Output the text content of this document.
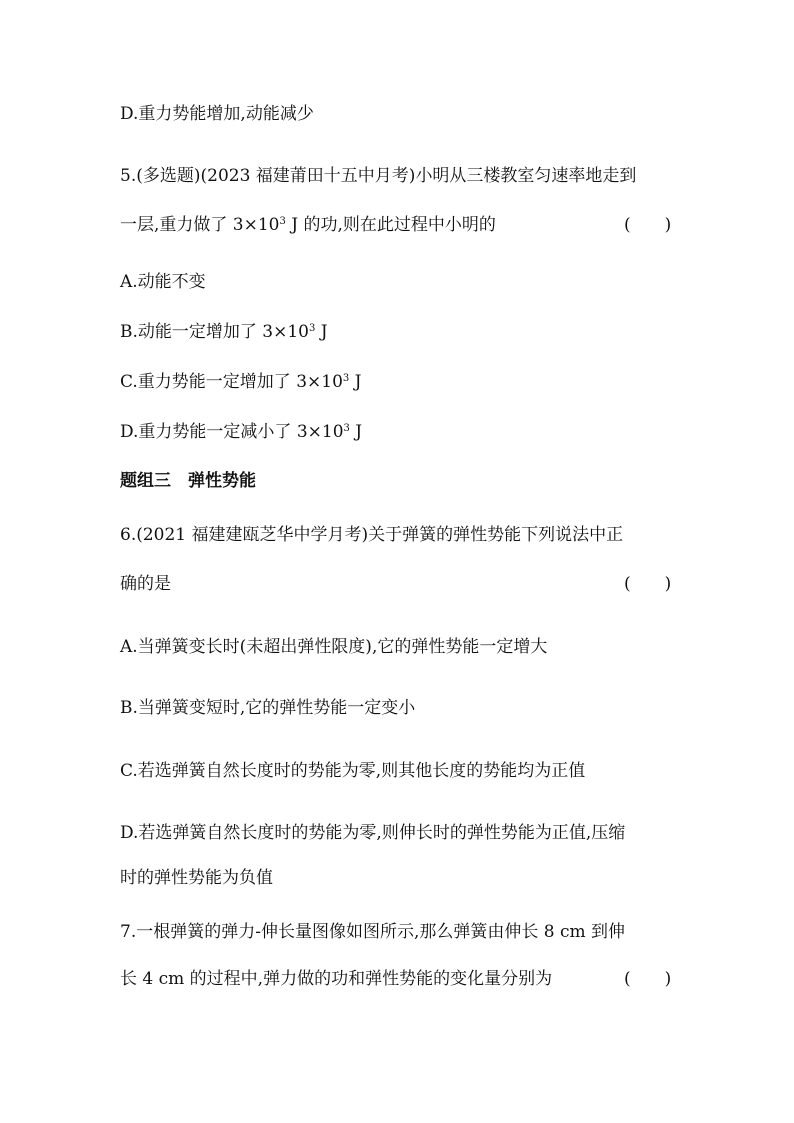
D.重力势能增加,动能减少
5.(多选题)(2023 福建莆田十五中月考)小明从三楼教室匀速率地走到
一层,重力做了 $3\times 10^3$ J 的功,则在此过程中小明的	(　　)
A.动能不变
B.动能一定增加了 $3\times 10^3$ J
C.重力势能一定增加了 $3\times 10^3$ J
D.重力势能一定减小了 $3\times 10^3$ J
题组三　弹性势能
6.(2021 福建建瓯芝华中学月考)关于弹簧的弹性势能下列说法中正
确的是	(　　)
A.当弹簧变长时(未超出弹性限度),它的弹性势能一定增大
B.当弹簧变短时,它的弹性势能一定变小
C.若选弹簧自然长度时的势能为零,则其他长度的势能均为正值
D.若选弹簧自然长度时的势能为零,则伸长时的弹性势能为正值,压缩
时的弹性势能为负值
7.一根弹簧的弹力-伸长量图像如图所示,那么弹簧由伸长 8 cm 到伸
长 4 cm 的过程中,弹力做的功和弹性势能的变化量分别为	(　　)
